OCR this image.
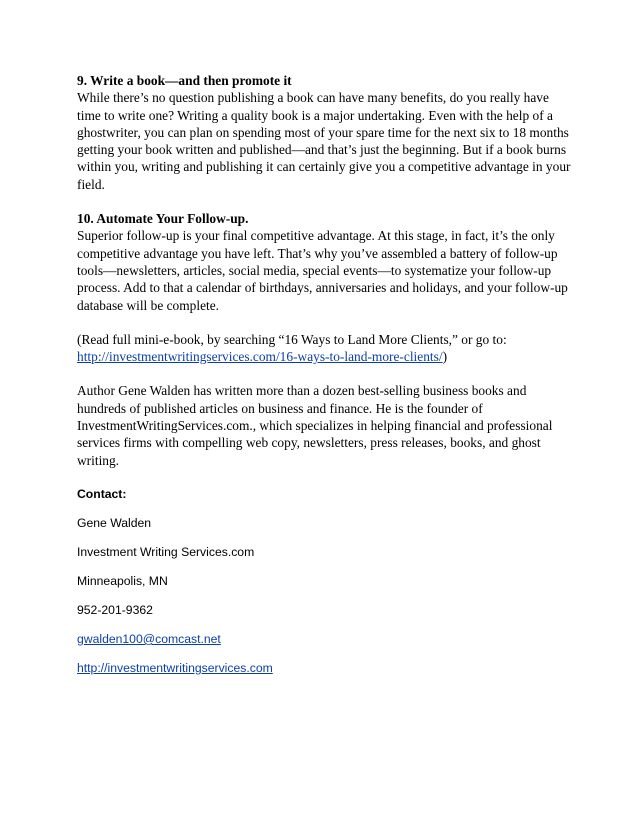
9. Write a book—and then promote it

While there’s no question publishing a book can have many benefits, do you really have time to write one? Writing a quality book is a major undertaking. Even with the help of a ghostwriter, you can plan on spending most of your spare time for the next six to 18 months getting your book written and published—and that’s just the beginning. But if a book burns within you, writing and publishing it can certainly give you a competitive advantage in your field.

10. Automate Your Follow-up.

Superior follow-up is your final competitive advantage. At this stage, in fact, it’s the only competitive advantage you have left. That’s why you’ve assembled a battery of follow-up tools—newsletters, articles, social media, special events—to systematize your follow-up process. Add to that a calendar of birthdays, anniversaries and holidays, and your follow-up database will be complete.

(Read full mini-e-book, by searching “16 Ways to Land More Clients,” or go to:
http://investmentwritingservices.com/16-ways-to-land-more-clients/)

Author Gene Walden has written more than a dozen best-selling business books and hundreds of published articles on business and finance. He is the founder of InvestmentWritingServices.com., which specializes in helping financial and professional services firms with compelling web copy, newsletters, press releases, books, and ghost writing.

Contact:

Gene Walden

Investment Writing Services.com

Minneapolis, MN

952-201-9362

gwalden100@comcast.net

http://investmentwritingservices.com
